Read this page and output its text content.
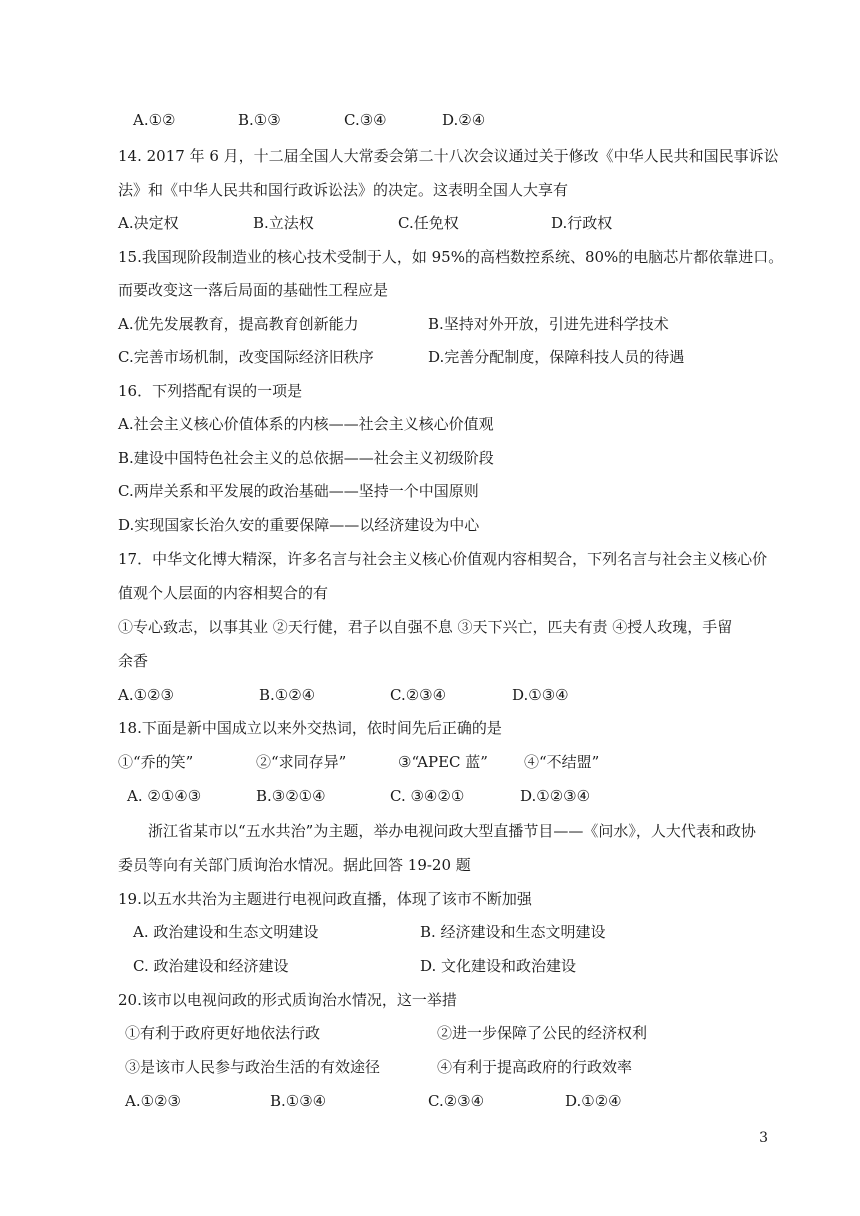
A.①②	B.①③	C.③④	D.②④
14. 2017 年 6 月，十二届全国人大常委会第二十八次会议通过关于修改《中华人民共和国民事诉讼
法》和《中华人民共和国行政诉讼法》的决定。这表明全国人大享有
A.决定权	B.立法权	C.任免权	D.行政权
15.我国现阶段制造业的核心技术受制于人，如 95%的高档数控系统、80%的电脑芯片都依靠进口。
而要改变这一落后局面的基础性工程应是
A.优先发展教育，提高教育创新能力	B.坚持对外开放，引进先进科学技术
C.完善市场机制，改变国际经济旧秩序	D.完善分配制度，保障科技人员的待遇
16．下列搭配有误的一项是
A.社会主义核心价值体系的内核——社会主义核心价值观
B.建设中国特色社会主义的总依据——社会主义初级阶段
C.两岸关系和平发展的政治基础——坚持一个中国原则
D.实现国家长治久安的重要保障——以经济建设为中心
17．中华文化博大精深，许多名言与社会主义核心价值观内容相契合，下列名言与社会主义核心价
值观个人层面的内容相契合的有
①专心致志，以事其业 ②天行健，君子以自强不息 ③天下兴亡，匹夫有责 ④授人玫瑰，手留
余香
A.①②③	B.①②④	C.②③④	D.①③④
18.下面是新中国成立以来外交热词，依时间先后正确的是
①“乔的笑”	②“求同存异”	③“APEC 蓝” ④“不结盟”
A. ②①④③	B.③②①④	C. ③④②①	D.①②③④
浙江省某市以“五水共治”为主题，举办电视问政大型直播节目——《问水》，人大代表和政协
委员等向有关部门质询治水情况。据此回答 19-20 题
19.以五水共治为主题进行电视问政直播，体现了该市不断加强
A. 政治建设和生态文明建设	B. 经济建设和生态文明建设
C. 政治建设和经济建设	D. 文化建设和政治建设
20.该市以电视问政的形式质询治水情况，这一举措
①有利于政府更好地依法行政	②进一步保障了公民的经济权利
③是该市人民参与政治生活的有效途径	④有利于提高政府的行政效率
A.①②③	B.①③④	C.②③④	D.①②④
3
